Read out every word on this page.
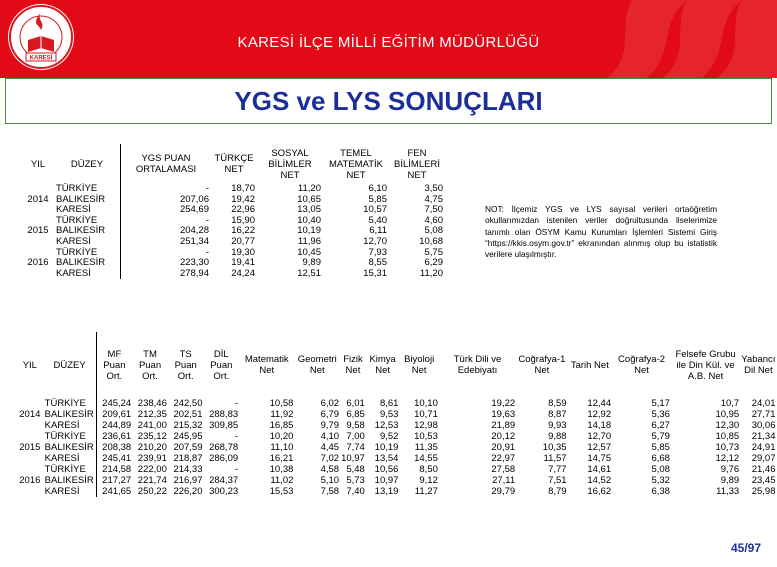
KARESİ
KARESİ İLÇE MİLLİ EĞİTİM MÜDÜRLÜĞÜ
YGS ve LYS SONUÇLARI
YIL	DÜZEY	YGS PUAN ORTALAMASI	TÜRKÇE NET	SOSYAL BİLİMLER NET	TEMEL MATEMATİK NET	FEN BİLİMLERİ NET
	TÜRKİYE	-	18,70	11,20	6,10	3,50
2014	BALIKESİR	207,06	19,42	10,65	5,85	4,75
	KARESİ	254,69	22,96	13,05	10,57	7,50
	TÜRKİYE	-	15,90	10,40	5,40	4,60
2015	BALIKESİR	204,28	16,22	10,19	6,11	5,08
	KARESİ	251,34	20,77	11,96	12,70	10,68
	TÜRKİYE	-	19,30	10,45	7,93	5,75
2016	BALIKESİR	223,30	19,41	9,89	8,55	6,29
	KARESİ	278,94	24,24	12,51	15,31	11,20
NOT: İlçemiz YGS ve LYS sayısal verileri ortaöğretim okullarımızdan istenilen veriler doğrultusunda liselerimize tanımlı olan ÖSYM Kamu Kurumları İşlemleri Sistemi Giriş “https://kkis.osym.gov.tr” ekranından alınmış olup bu istatistik verilere ulaşılmıştır.
YIL	DÜZEY	MF Puan Ort.	TM Puan Ort.	TS Puan Ort.	DİL Puan Ort.	Matematik Net	Geometri Net	Fizik Net	Kimya Net	Biyoloji Net	Türk Dili ve Edebiyatı	Coğrafya-1 Net	Tarih Net	Coğrafya-2 Net	Felsefe Grubu ile Din Kül. ve A.B. Net	Yabancı Dil Net
	TÜRKİYE	245,24	238,46	242,50	-	10,58	6,02	6,01	8,61	10,10	19,22	8,59	12,44	5,17	10,7	24,01
2014	BALIKESİR	209,61	212,35	202,51	288,83	11,92	6,79	6,85	9,53	10,71	19,63	8,87	12,92	5,36	10,95	27,71
	KARESİ	244,89	241,00	215,32	309,85	16,85	9,79	9,58	12,53	12,98	21,89	9,93	14,18	6,27	12,30	30,06
	TÜRKİYE	236,61	235,12	245,95	-	10,20	4,10	7,00	9,52	10,53	20,12	9,88	12,70	5,79	10,85	21,34
2015	BALIKESİR	208,38	210,20	207,59	268,78	11,10	4,45	7,74	10,19	11,35	20,91	10,35	12,57	5,85	10,73	24,91
	KARESİ	245,41	239,91	218,87	286,09	16,21	7,02	10,97	13,54	14,55	22,97	11,57	14,75	6,68	12,12	29,07
	TÜRKİYE	214,58	222,00	214,33	-	10,38	4,58	5,48	10,56	8,50	27,58	7,77	14,61	5,08	9,76	21,46
2016	BALIKESİR	217,27	221,74	216,97	284,37	11,02	5,10	5,73	10,97	9,12	27,11	7,51	14,52	5,32	9,89	23,45
	KARESİ	241,65	250,22	226,20	300,23	15,53	7,58	7,40	13,19	11,27	29,79	8,79	16,62	6,38	11,33	25,98
45/97
